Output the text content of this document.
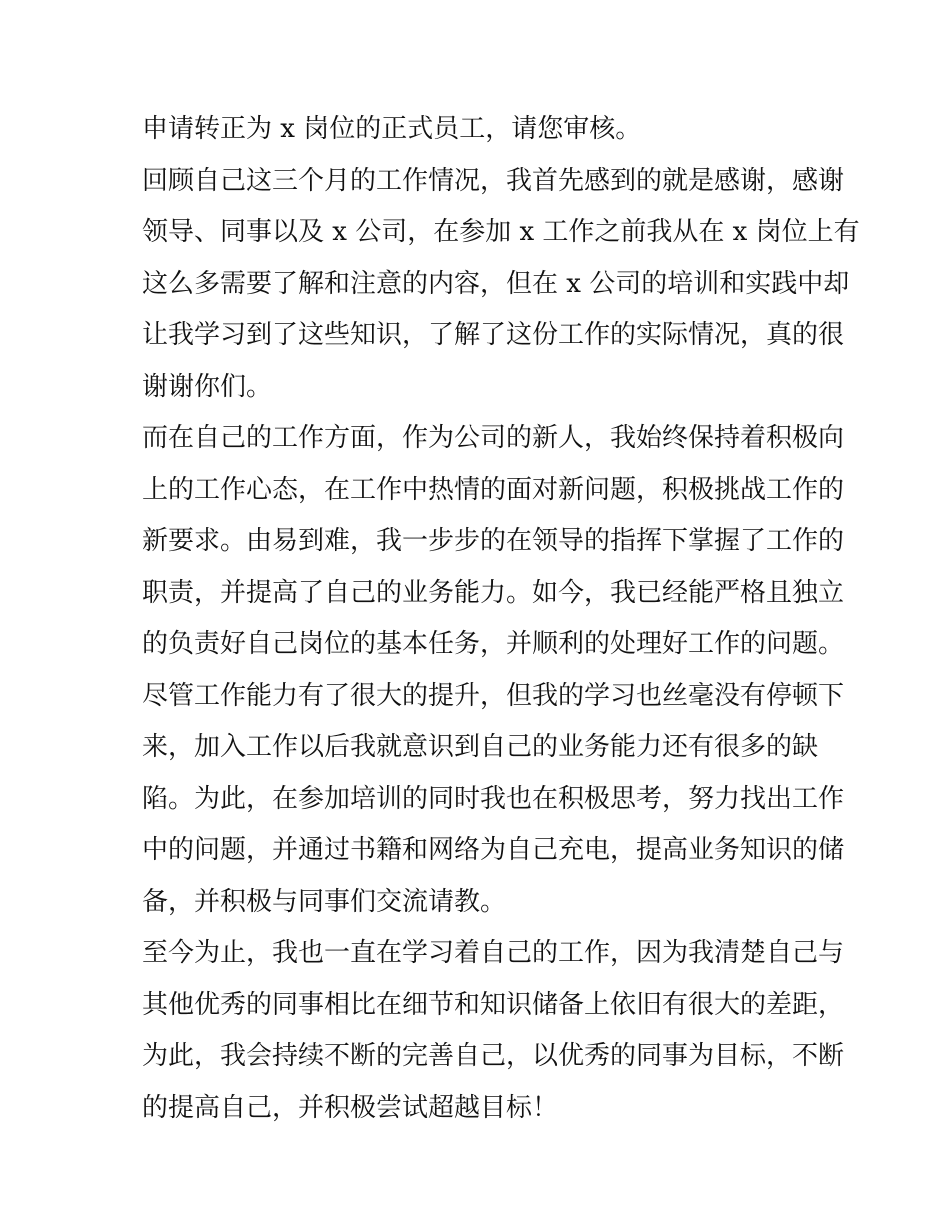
申请转正为 x 岗位的正式员工，请您审核。
回顾自己这三个月的工作情况，我首先感到的就是感谢，感谢
领导、同事以及 x 公司，在参加 x 工作之前我从在 x 岗位上有
这么多需要了解和注意的内容，但在 x 公司的培训和实践中却
让我学习到了这些知识，了解了这份工作的实际情况，真的很
谢谢你们。
而在自己的工作方面，作为公司的新人，我始终保持着积极向
上的工作心态，在工作中热情的面对新问题，积极挑战工作的
新要求。由易到难，我一步步的在领导的指挥下掌握了工作的
职责，并提高了自己的业务能力。如今，我已经能严格且独立
的负责好自己岗位的基本任务，并顺利的处理好工作的问题。
尽管工作能力有了很大的提升，但我的学习也丝毫没有停顿下
来，加入工作以后我就意识到自己的业务能力还有很多的缺
陷。为此，在参加培训的同时我也在积极思考，努力找出工作
中的问题，并通过书籍和网络为自己充电，提高业务知识的储
备，并积极与同事们交流请教。
至今为止，我也一直在学习着自己的工作，因为我清楚自己与
其他优秀的同事相比在细节和知识储备上依旧有很大的差距，
为此，我会持续不断的完善自己，以优秀的同事为目标，不断
的提高自己，并积极尝试超越目标！
